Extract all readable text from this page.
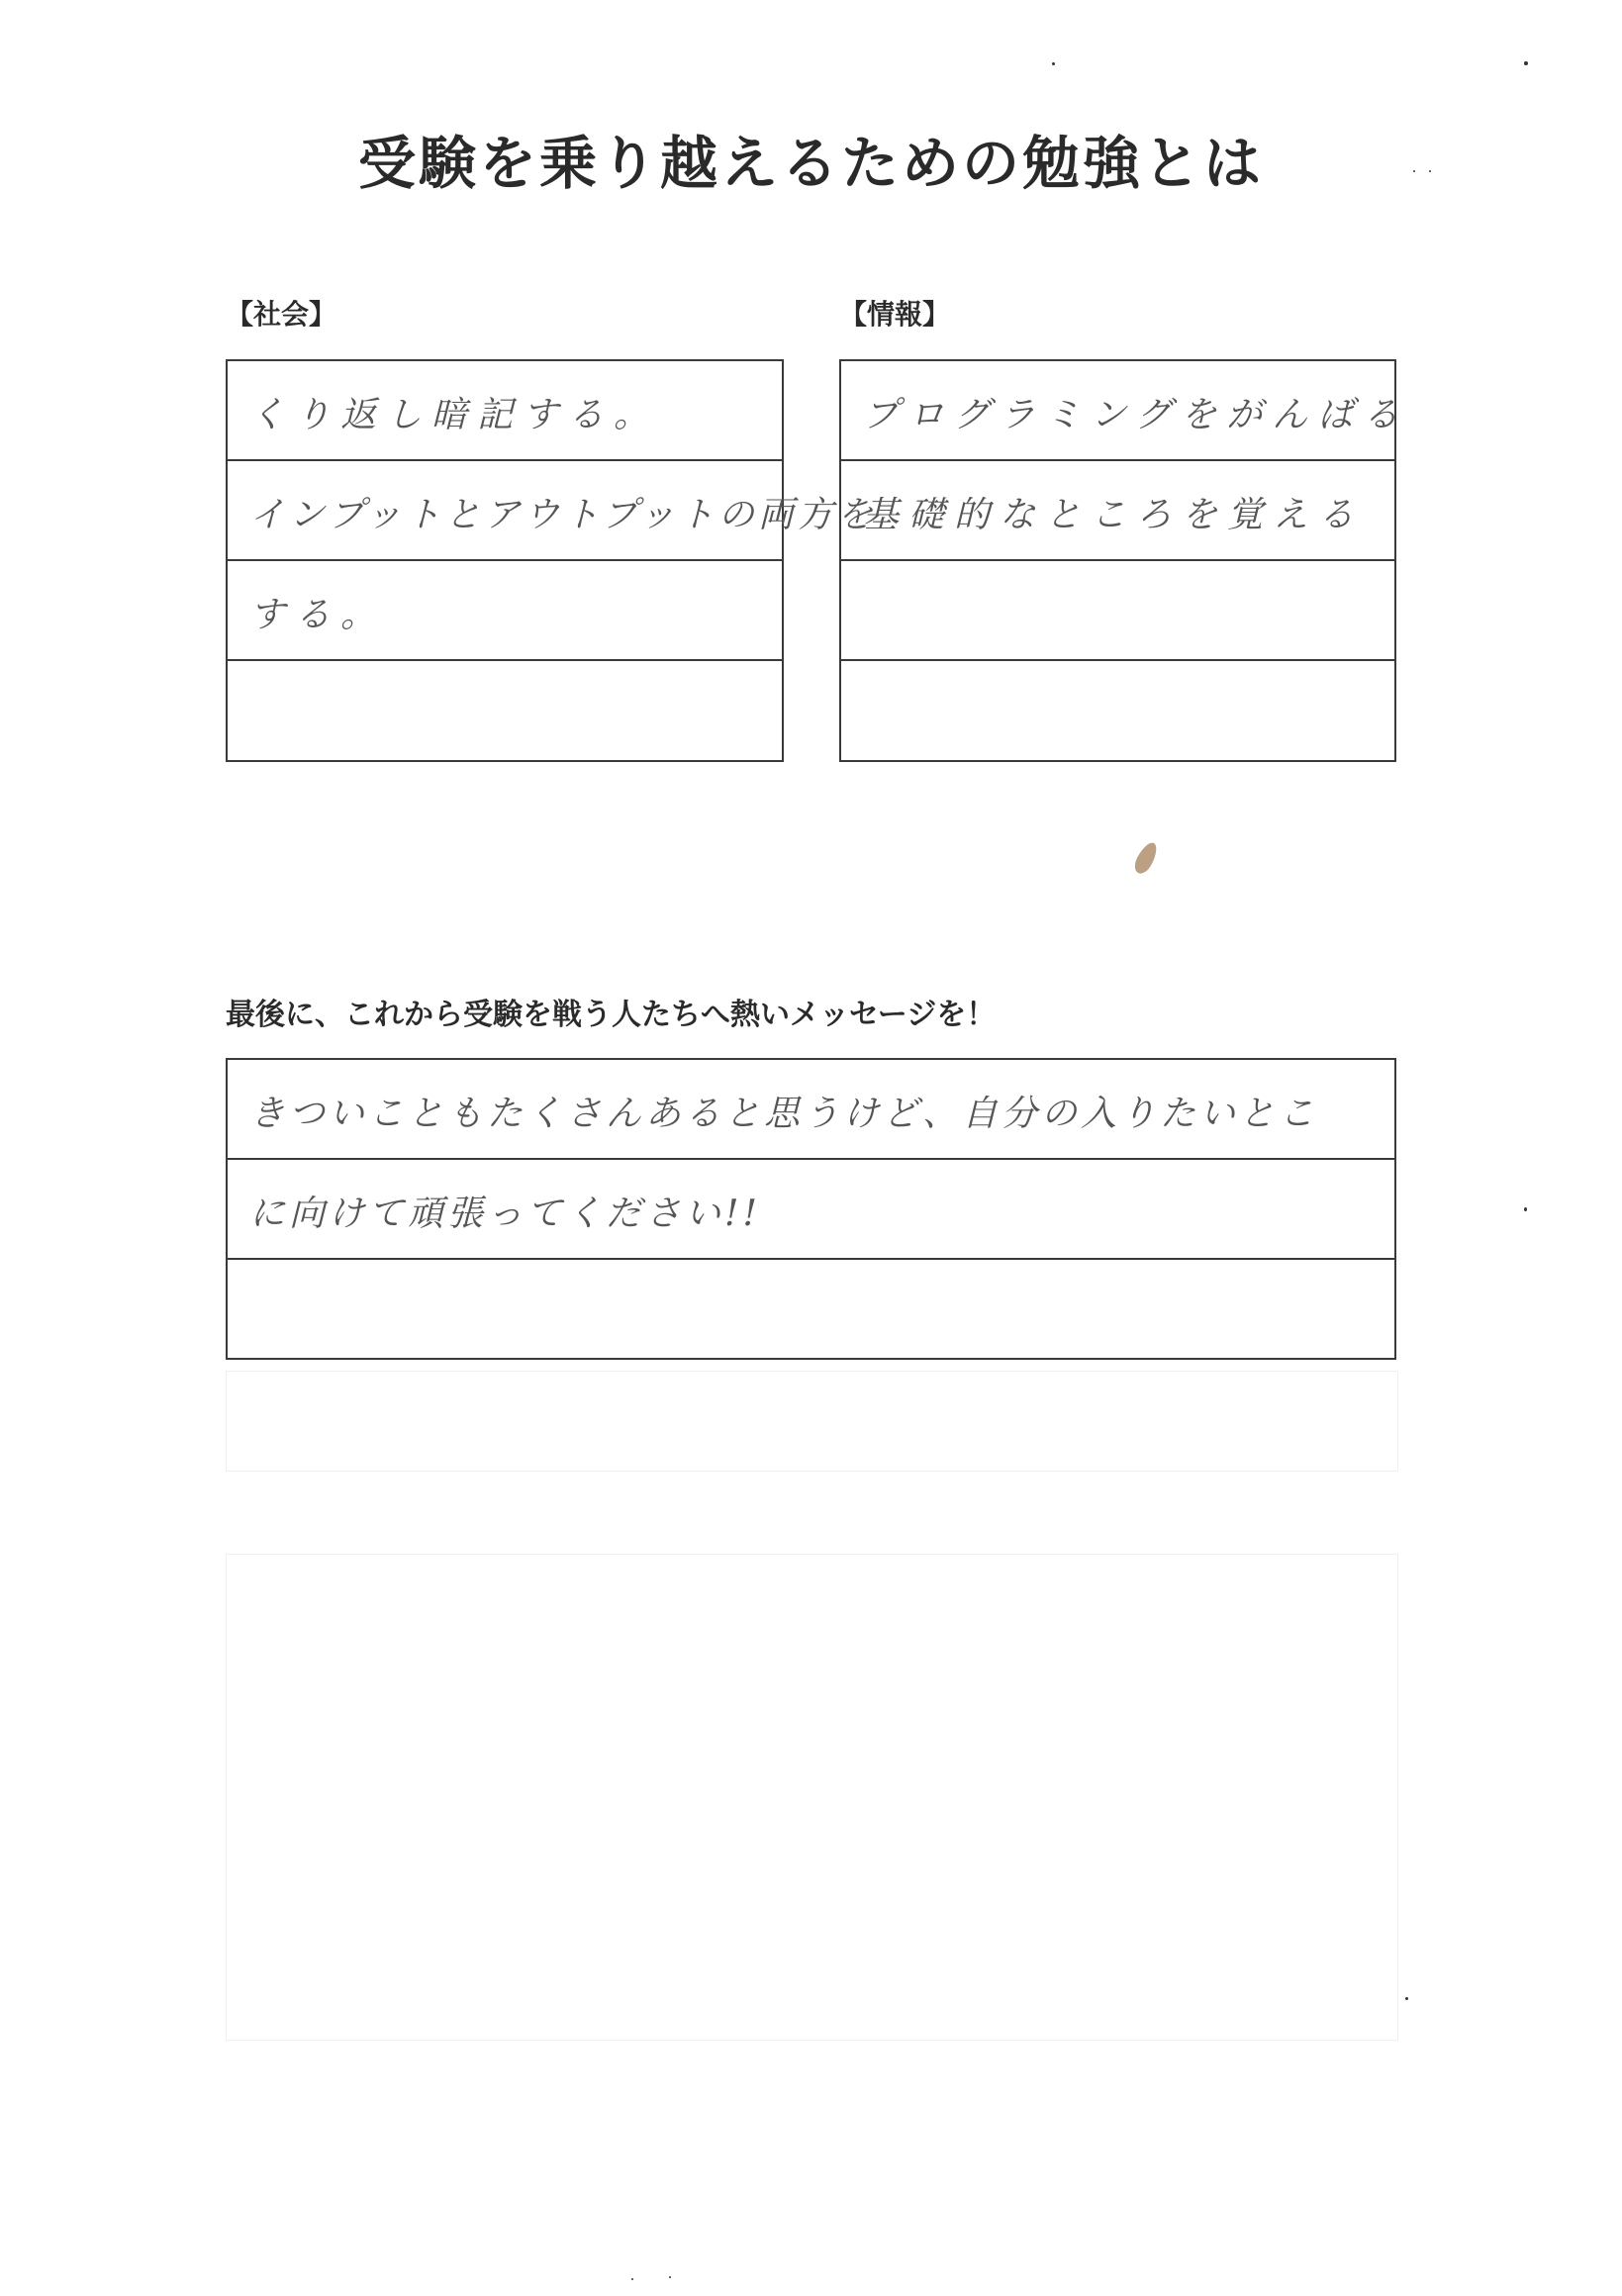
受験を乗り越えるための勉強とは
【社会】
くり返し暗記する。
インプットとアウトプットの両方を
する。
【情報】
プログラミングをがんばる
基礎的なところを覚える
最後に、これから受験を戦う人たちへ熱いメッセージを！
きついこともたくさんあると思うけど、自分の入りたいとこ
に向けて頑張ってください!!
